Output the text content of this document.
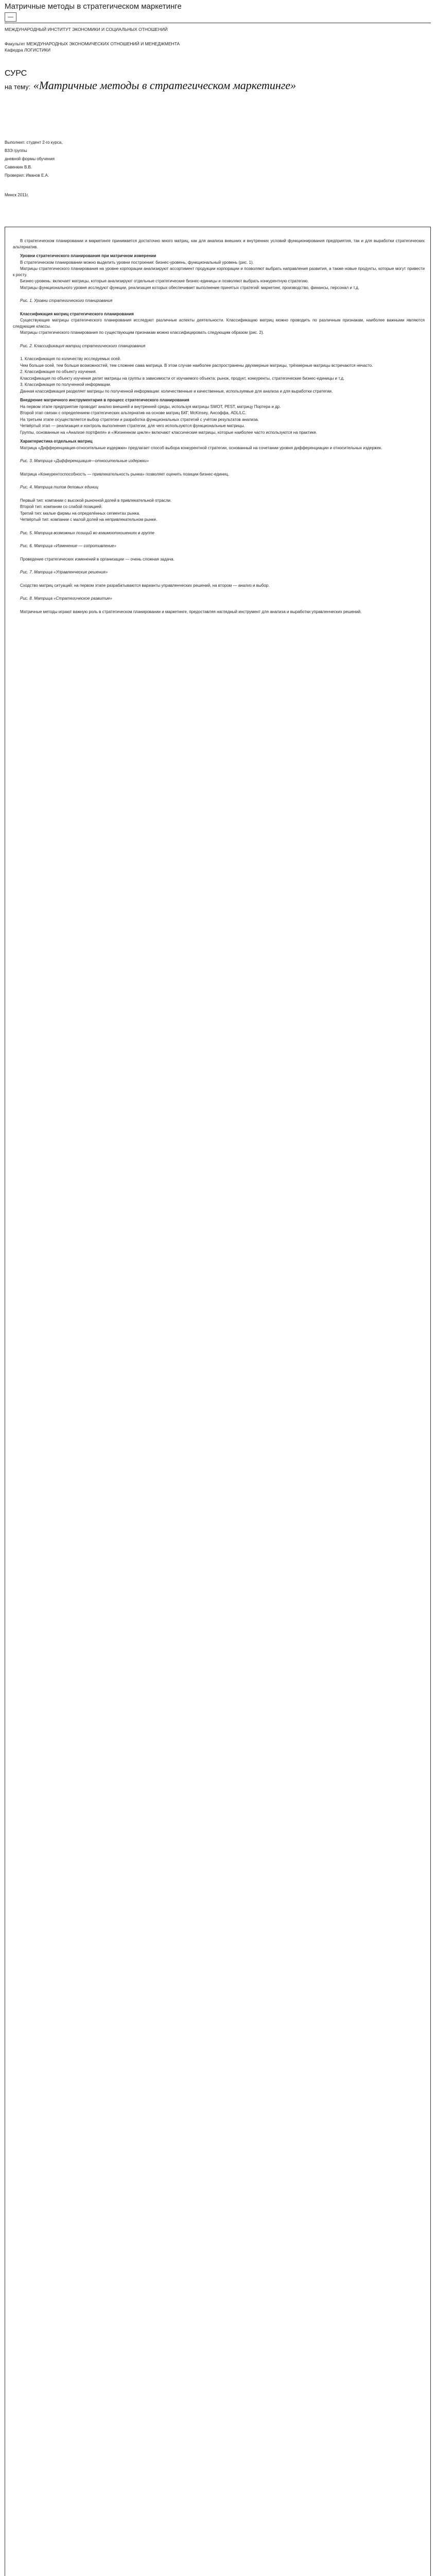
Матричные методы в стратегическом маркетинге
—
МЕЖДУНАРОДНЫЙ ИНСТИТУТ ЭКОНОМИКИ И СОЦИАЛЬНЫХ ОТНОШЕНИЙ
Факультет МЕЖДУНАРОДНЫХ ЭКОНОМИЧЕСКИХ ОТНОШЕНИЙ И МЕНЕДЖМЕНТА
Кафедра ЛОГИСТИКИ
СУРС
на тему: «Матричные методы в стратегическом маркетинге»
Выполнил: студент 2-го курса,
ВЗЭ группы
дневной формы обучения
Савенкин В.В.
Проверил: Иванов Е.А.
Минск 2011г.

В стратегическом планировании и маркетинге принимается достаточно много матриц, как для анализа внешних и внутренних условий функционирования предприятия, так и для выработки стратегических альтернатив.

Уровни стратегического планирования при матричном измерении

В стратегическом планировании можно выделить уровни построения: бизнес-уровень, функциональный уровень (рис. 1).

Матрицы стратегического планирования на уровне корпорации анализируют ассортимент продукции корпорации и позволяют выбрать направления развития, а также новые продукты, которые могут привести к росту.

Бизнес-уровень: включает матрицы, которые анализируют отдельные стратегические бизнес-единицы и позволяют выбрать конкурентную стратегию.

Матрицы функционального уровня исследуют функции, реализация которых обеспечивает выполнение принятых стратегий: маркетинг, производство, финансы, персонал и т.д.

Рис. 1. Уровни стратегического планирования

Классификация матриц стратегического планирования

Существующие матрицы стратегического планирования исследуют различные аспекты деятельности. Классификацию матриц можно проводить по различным признакам, наиболее важными являются следующие классы.

Матрицы стратегического планирования по существующим признакам можно классифицировать следующим образом (рис. 2).

Рис. 2. Классификация матриц стратегического планирования

1. Классификация по количеству исследуемых осей.

Чем больше осей, тем больше возможностей, тем сложнее сама матрица. В этом случае наиболее распространены двухмерные матрицы, трёхмерные матрицы встречаются нечасто.

2. Классификация по объекту изучения.

Классификация по объекту изучения делит матрицы на группы в зависимости от изучаемого объекта: рынок, продукт, конкуренты, стратегические бизнес-единицы и т.д.

3. Классификация по полученной информации.

Данная классификация разделяет матрицы по полученной информации: количественные и качественные, используемые для анализа и для выработки стратегии.

Внедрение матричного инструментария в процесс стратегического планирования

На первом этапе предприятие проводит анализ внешней и внутренней среды, используя матрицы SWOT, PEST, матрицу Портера и др.

Второй этап связан с определением стратегических альтернатив на основе матриц БКГ, McKinsey, Ансоффа, ADL/LC.

На третьем этапе осуществляется выбор стратегии и разработка функциональных стратегий с учётом результатов анализа.

Четвёртый этап — реализация и контроль выполнения стратегии, для чего используются функциональные матрицы.

Группы, основанные на «Анализе портфеля» и «Жизненном цикле» включают классические матрицы, которые наиболее часто используются на практике.

Характеристика отдельных матриц

Матрица «Дифференциация-относительные издержки» предлагает способ выбора конкурентной стратегии, основанный на сочетании уровня дифференциации и относительных издержек.

Рис. 3. Матрица «Дифференциация—относительные издержки»

Матрица «Конкурентоспособность — привлекательность рынка» позволяет оценить позиции бизнес-единиц.

Рис. 4. Матрица типов деловых единиц

Первый тип: компании с высокой рыночной долей в привлекательной отрасли.

Второй тип: компании со слабой позицией.

Третий тип: малые фирмы на определённых сегментах рынка.

Четвёртый тип: компании с малой долей на непривлекательном рынке.

Рис. 5. Матрица возможных позиций во взаимоотношениях в группе

Рис. 6. Матрица «Изменение — сопротивление»

Проведение стратегических изменений в организации — очень сложная задача.

Рис. 7. Матрица «Управленческие решения»

Сходство матриц ситуаций: на первом этапе разрабатываются варианты управленческих решений, на втором — анализ и выбор.

Рис. 8. Матрица «Стратегическое развитие»

Матричные методы играют важную роль в стратегическом планировании и маркетинге, предоставляя наглядный инструмент для анализа и выработки управленческих решений.
